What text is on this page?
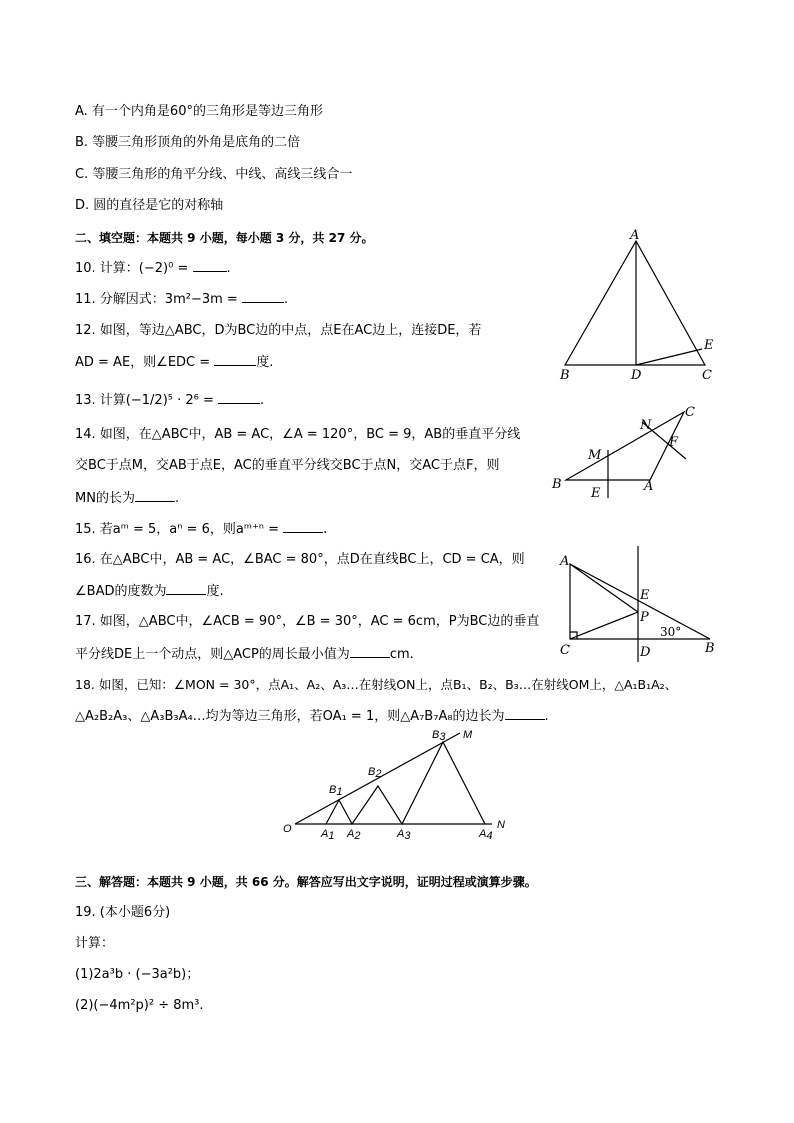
A. 有一个内角是60°的三角形是等边三角形
B. 等腰三角形顶角的外角是底角的二倍
C. 等腰三角形的角平分线、中线、高线三线合一
D. 圆的直径是它的对称轴
二、填空题：本题共 9 小题，每小题 3 分，共 27 分。
10. 计算：(−2)⁰ =	.
11. 分解因式：3m²−3m =	.
12. 如图，等边△ABC，D为BC边的中点，点E在AC边上，连接DE，若
AD = AE，则∠EDC =	度.
13. 计算(−1/2)⁵ · 2⁶ =	.
14. 如图，在△ABC中，AB = AC，∠A = 120°，BC = 9，AB的垂直平分线
交BC于点M，交AB于点E，AC的垂直平分线交BC于点N，交AC于点F，则
MN的长为	.
15. 若aᵐ = 5，aⁿ = 6，则aᵐ⁺ⁿ =	.
16. 在△ABC中，AB = AC，∠BAC = 80°，点D在直线BC上，CD = CA，则
∠BAD的度数为	度.
17. 如图，△ABC中，∠ACB = 90°，∠B = 30°，AC = 6cm，P为BC边的垂直
平分线DE上一个动点，则△ACP的周长最小值为	cm.
18. 如图，已知：∠MON = 30°，点A₁、A₂、A₃…在射线ON上，点B₁、B₂、B₃…在射线OM上，△A₁B₁A₂、
△A₂B₂A₃、△A₃B₃A₄…均为等边三角形，若OA₁ = 1，则△A₇B₇A₈的边长为	.
三、解答题：本题共 9 小题，共 66 分。解答应写出文字说明，证明过程或演算步骤。
19. (本小题6分)
计算：
(1)2a³b · (−3a²b)；
(2)(−4m²p)² ÷ 8m³.
A
B	D	C
E
B	A
C
M
N
E
F
A
C	B
E
P
D
30°
O
M
N
A1 A2	A3	A4
B1
B2
B3
